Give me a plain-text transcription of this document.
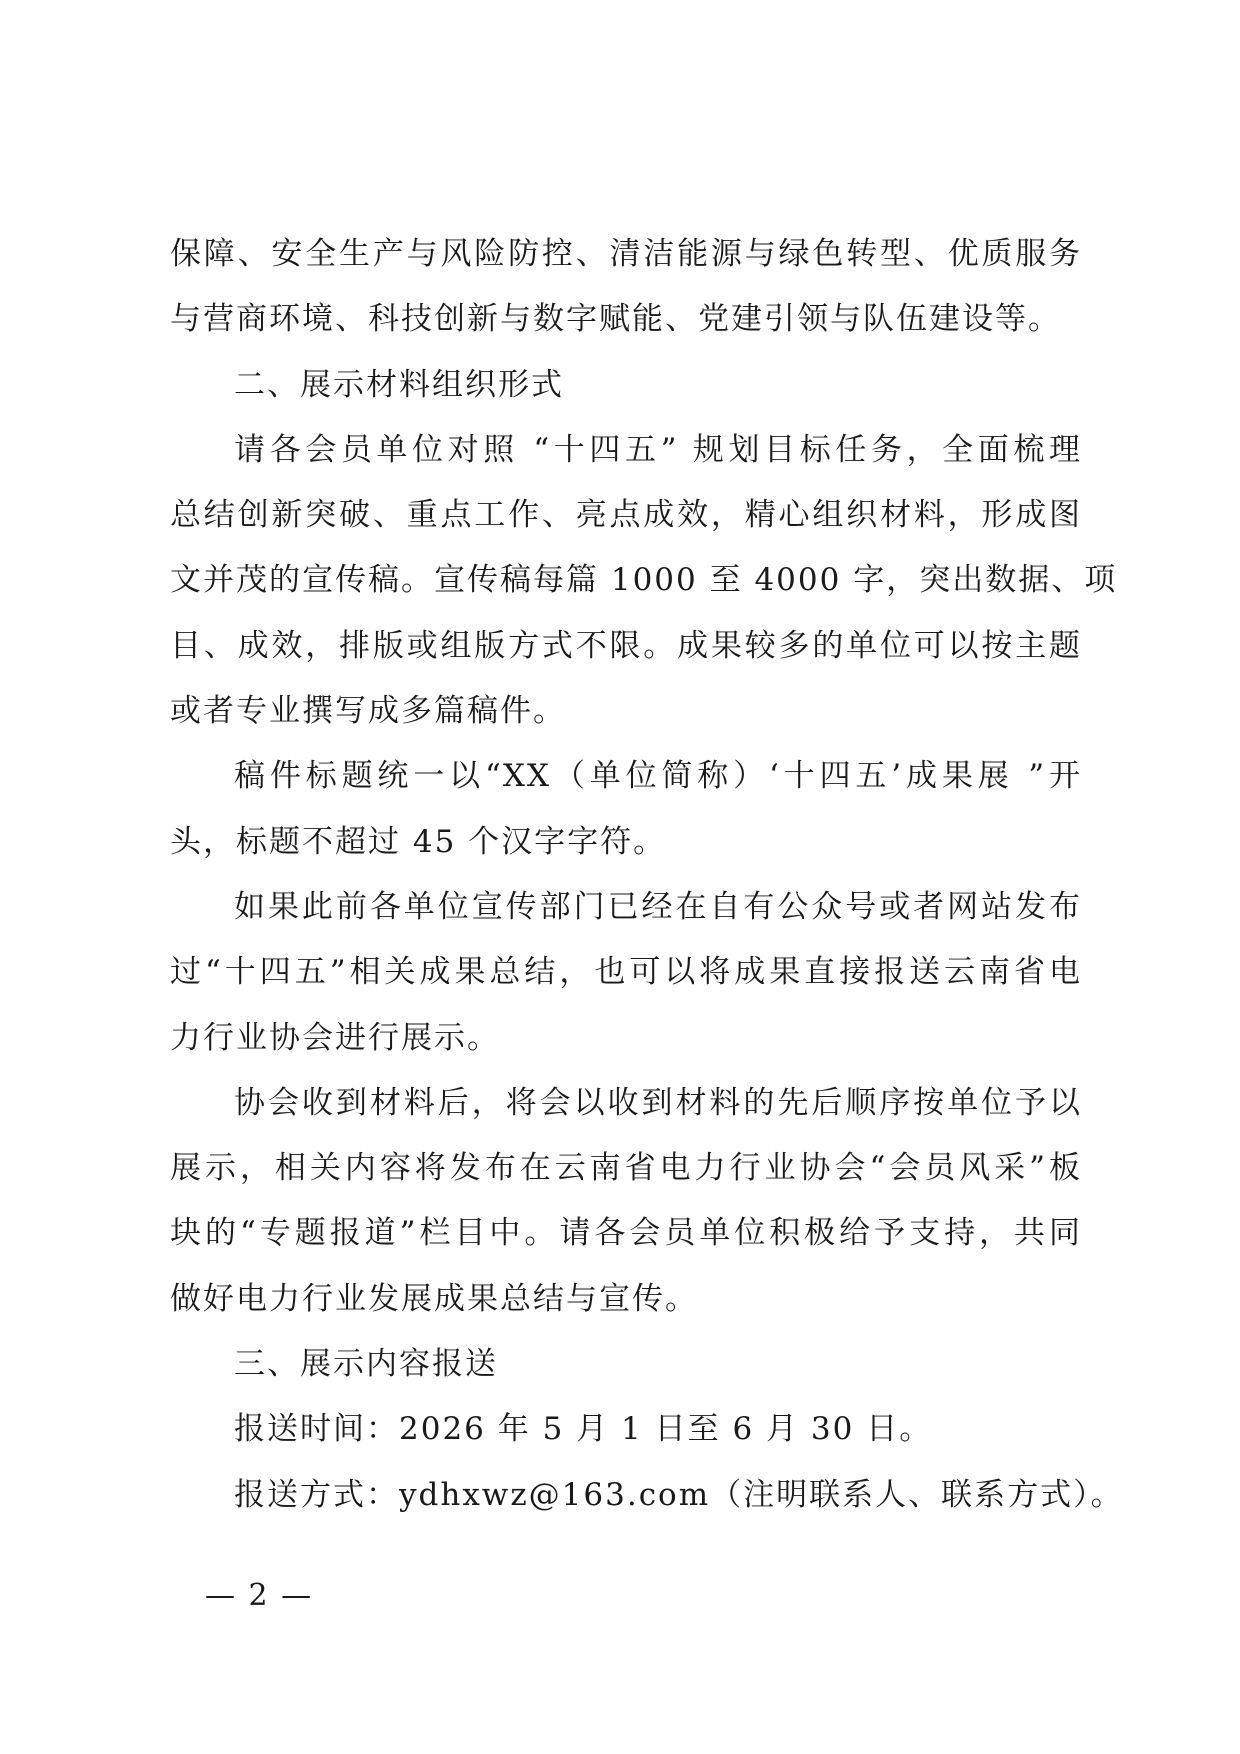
保障、安全生产与风险防控、清洁能源与绿色转型、优质服务
与营商环境、科技创新与数字赋能、党建引领与队伍建设等。
二、展示材料组织形式
请各会员单位对照 “十四五” 规划目标任务，全面梳理
总结创新突破、重点工作、亮点成效，精心组织材料，形成图
文并茂的宣传稿。宣传稿每篇 1000 至 4000 字，突出数据、项
目、成效，排版或组版方式不限。成果较多的单位可以按主题
或者专业撰写成多篇稿件。
稿件标题统一以“XX（单位简称）‘十四五’成果展 ”开
头，标题不超过 45 个汉字字符。
如果此前各单位宣传部门已经在自有公众号或者网站发布
过“十四五”相关成果总结，也可以将成果直接报送云南省电
力行业协会进行展示。
协会收到材料后，将会以收到材料的先后顺序按单位予以
展示，相关内容将发布在云南省电力行业协会“会员风采”板
块的“专题报道”栏目中。请各会员单位积极给予支持，共同
做好电力行业发展成果总结与宣传。
三、展示内容报送
报送时间：2026 年 5 月 1 日至 6 月 30 日。
报送方式：ydhxwz@163.com（注明联系人、联系方式）。
— 2 —
